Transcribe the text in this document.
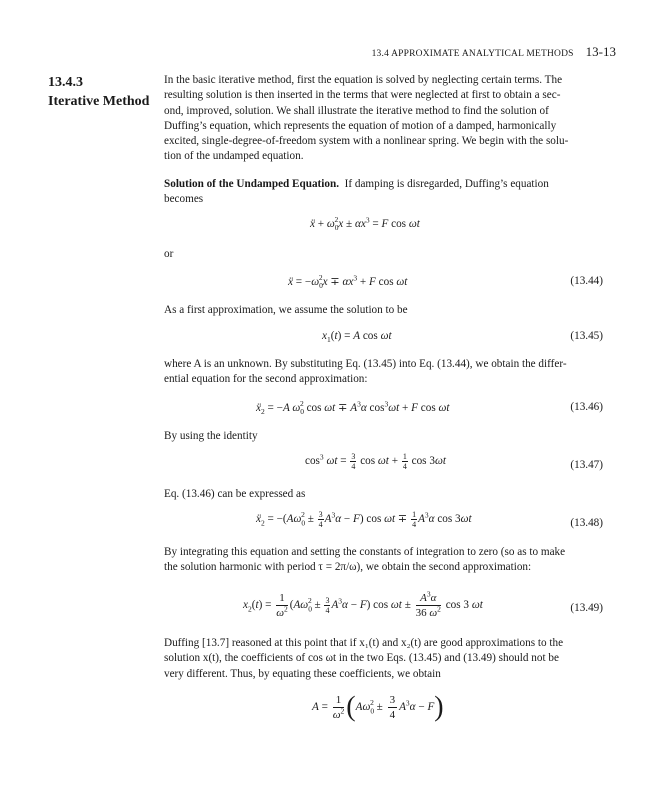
13.4 APPROXIMATE ANALYTICAL METHODS 13-13
13.4.3
Iterative Method

In the basic iterative method, first the equation is solved by neglecting certain terms. The
resulting solution is then inserted in the terms that were neglected at first to obtain a sec-
ond, improved, solution. We shall illustrate the iterative method to find the solution of
Duffing’s equation, which represents the equation of motion of a damped, harmonically
excited, single-degree-of-freedom system with a nonlinear spring. We begin with the solu-
tion of the undamped equation.

Solution of the Undamped Equation. If damping is disregarded, Duffing’s equation
becomes

ẍ + $\omega_0^2x \pm \alpha x^3 = F$ cos ωt
or
ẍ = $-\omega_0^2x \mp \alpha x^3 + F$ cos ωt	(13.44)

As a first approximation, we assume the solution to be

$x_1(t) = A$ cos ωt	(13.45)

where A is an unknown. By substituting Eq. (13.45) into Eq. (13.44), we obtain the differ-
ential equation for the second approximation:

ẍ$_2$ = −A $\omega_0^2$ $\cos \omega t \mp A^3\alpha$ $\cos^3\omega t + F$ cos ωt	(13.46)

By using the identity

$\cos^3 \omega t = \frac{3}{4}$ $\cos \omega t + \frac{1}{4}$ cos 3ωt	(13.47)

Eq. (13.46) can be expressed as

ẍ$_2$ = $-(A\omega_0^2 \pm \frac{3}{4} A^3\alpha - F)$ $\cos \omega t \mp \frac{1}{4} A^3\alpha$ cos 3ωt	(13.48)

By integrating this equation and setting the constants of integration to zero (so as to make
the solution harmonic with period τ = 2π/ω), we obtain the second approximation:

$x_2(t) = \frac{1}{\omega^2} (A\omega_0^2 \pm \frac{3}{4} A^3\alpha - F)$ $\cos \omega t \pm \frac{A^3\alpha}{36 \omega^2}$ cos 3 ωt	(13.49)

Duffing [13.7] reasoned at this point that if x₁(t) and x₂(t) are good approximations to the
solution x(t), the coefficients of cos ωt in the two Eqs. (13.45) and (13.49) should not be
very different. Thus, by equating these coefficients, we obtain

$A = \frac{1}{\omega^2} (A\omega_0^2 \pm \frac{3}{4} A^3\alpha - F)$
